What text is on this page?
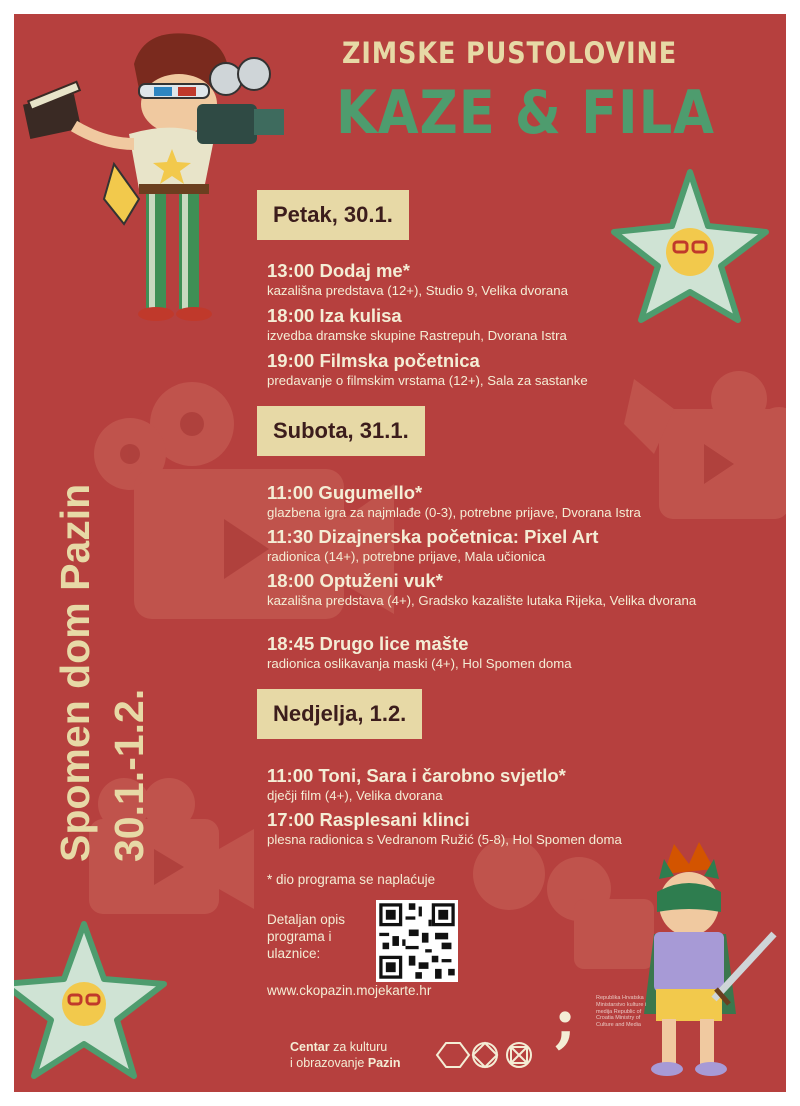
ZIMSKE PUSTOLOVINE
KAZE & FILA
Spomen dom Pazin 30.1.-1.2.
Petak, 30.1.
13:00 Dodaj me*
kazališna predstava (12+), Studio 9, Velika dvorana
18:00 Iza kulisa
izvedba dramske skupine Rastrepuh, Dvorana Istra
19:00 Filmska početnica
predavanje o filmskim vrstama (12+), Sala za sastanke
Subota, 31.1.
11:00 Gugumello*
glazbena igra za najmlađe (0-3), potrebne prijave, Dvorana Istra
11:30 Dizajnerska početnica: Pixel Art
radionica (14+), potrebne prijave, Mala učionica
18:00 Optuženi vuk*
kazališna predstava (4+), Gradsko kazalište lutaka Rijeka, Velika dvorana
18:45 Drugo lice mašte
radionica oslikavanja maski (4+), Hol Spomen doma
Nedjelja, 1.2.
11:00 Toni, Sara i čarobno svjetlo*
dječji film (4+), Velika dvorana
17:00 Rasplesani klinci
plesna radionica s Vedranom Ružić (5-8), Hol Spomen doma
* dio programa se naplaćuje
Detaljan opis programa i ulaznice:
www.ckopazin.mojekarte.hr
Centar za kulturu
i obrazovanje Pazin
;	Republika Hrvatska Ministarstvo kulture i medija Republic of Croatia Ministry of Culture and Media
